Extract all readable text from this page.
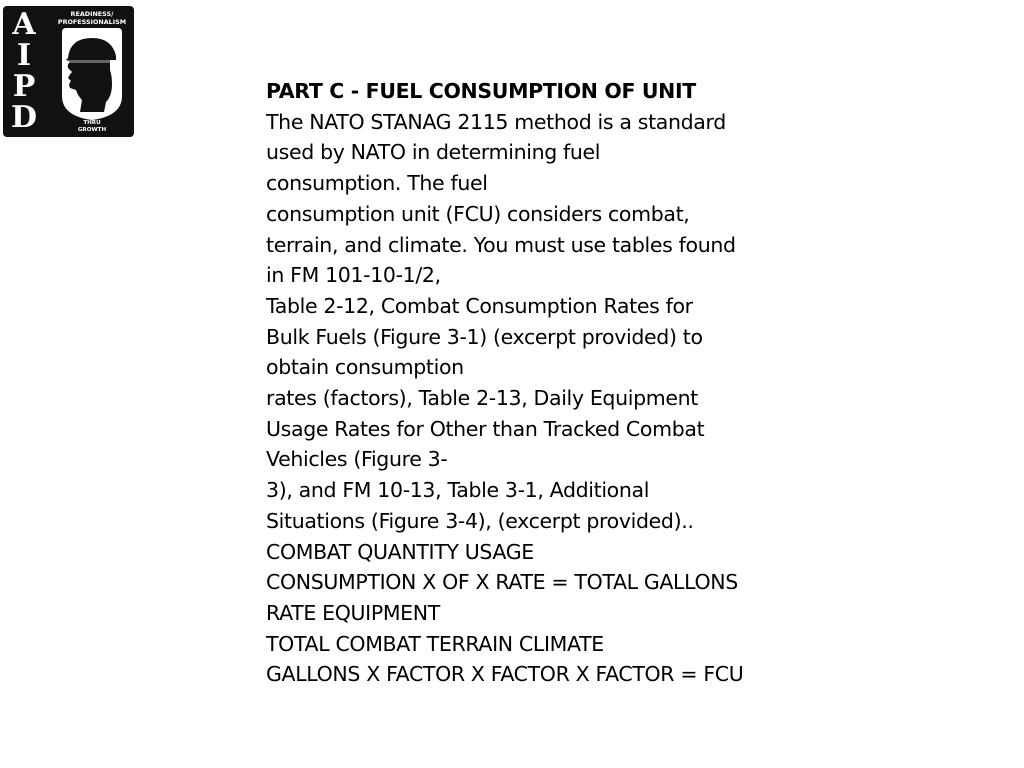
A
I
P
D
READINESS/
PROFESSIONALISM
THRU
GROWTH
PART C - FUEL CONSUMPTION OF UNIT
The NATO STANAG 2115 method is a standard
used by NATO in determining fuel
consumption. The fuel
consumption unit (FCU) considers combat,
terrain, and climate. You must use tables found
in FM 101-10-1/2,
Table 2-12, Combat Consumption Rates for
Bulk Fuels (Figure 3-1) (excerpt provided) to
obtain consumption
rates (factors), Table 2-13, Daily Equipment
Usage Rates for Other than Tracked Combat
Vehicles (Figure 3-
3), and FM 10-13, Table 3-1, Additional
Situations (Figure 3-4), (excerpt provided)..
COMBAT QUANTITY USAGE
CONSUMPTION X OF X RATE = TOTAL GALLONS
RATE EQUIPMENT
TOTAL COMBAT TERRAIN CLIMATE
GALLONS X FACTOR X FACTOR X FACTOR = FCU
